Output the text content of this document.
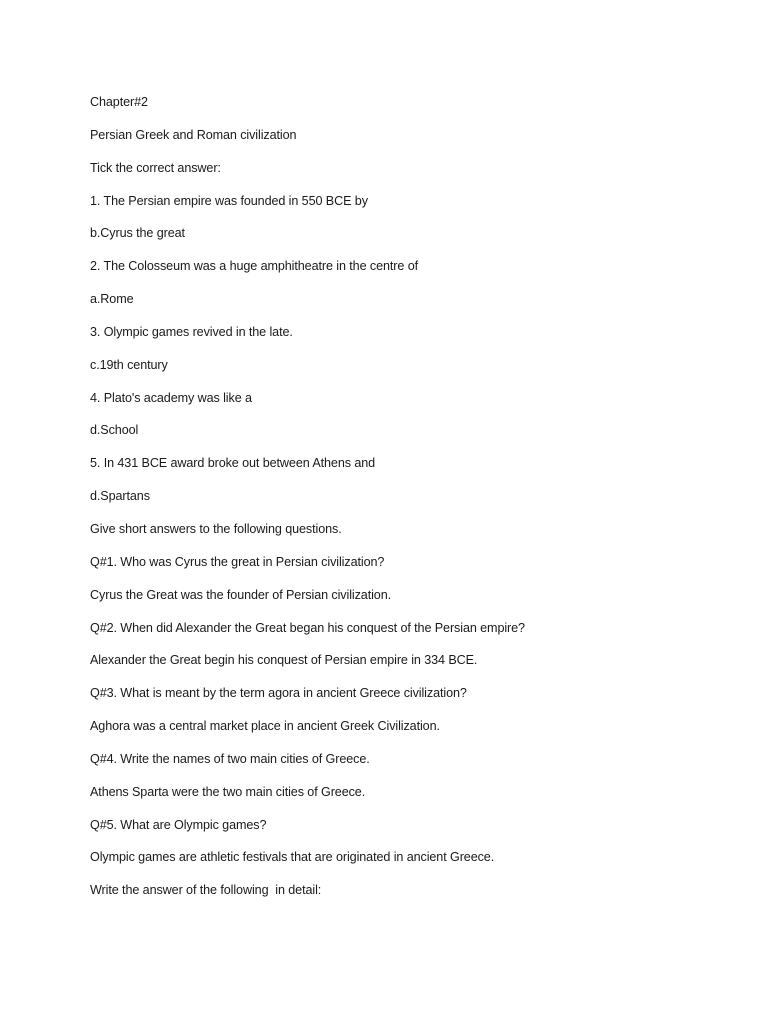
Chapter#2
Persian Greek and Roman civilization
Tick the correct answer:
1. The Persian empire was founded in 550 BCE by
b.Cyrus the great
2. The Colosseum was a huge amphitheatre in the centre of
a.Rome
3. Olympic games revived in the late.
c.19th century
4. Plato's academy was like a
d.School
5. In 431 BCE award broke out between Athens and
d.Spartans
Give short answers to the following questions.
Q#1. Who was Cyrus the great in Persian civilization?
Cyrus the Great was the founder of Persian civilization.
Q#2. When did Alexander the Great began his conquest of the Persian empire?
Alexander the Great begin his conquest of Persian empire in 334 BCE.
Q#3. What is meant by the term agora in ancient Greece civilization?
Aghora was a central market place in ancient Greek Civilization.
Q#4. Write the names of two main cities of Greece.
Athens Sparta were the two main cities of Greece.
Q#5. What are Olympic games?
Olympic games are athletic festivals that are originated in ancient Greece.
Write the answer of the following  in detail:
